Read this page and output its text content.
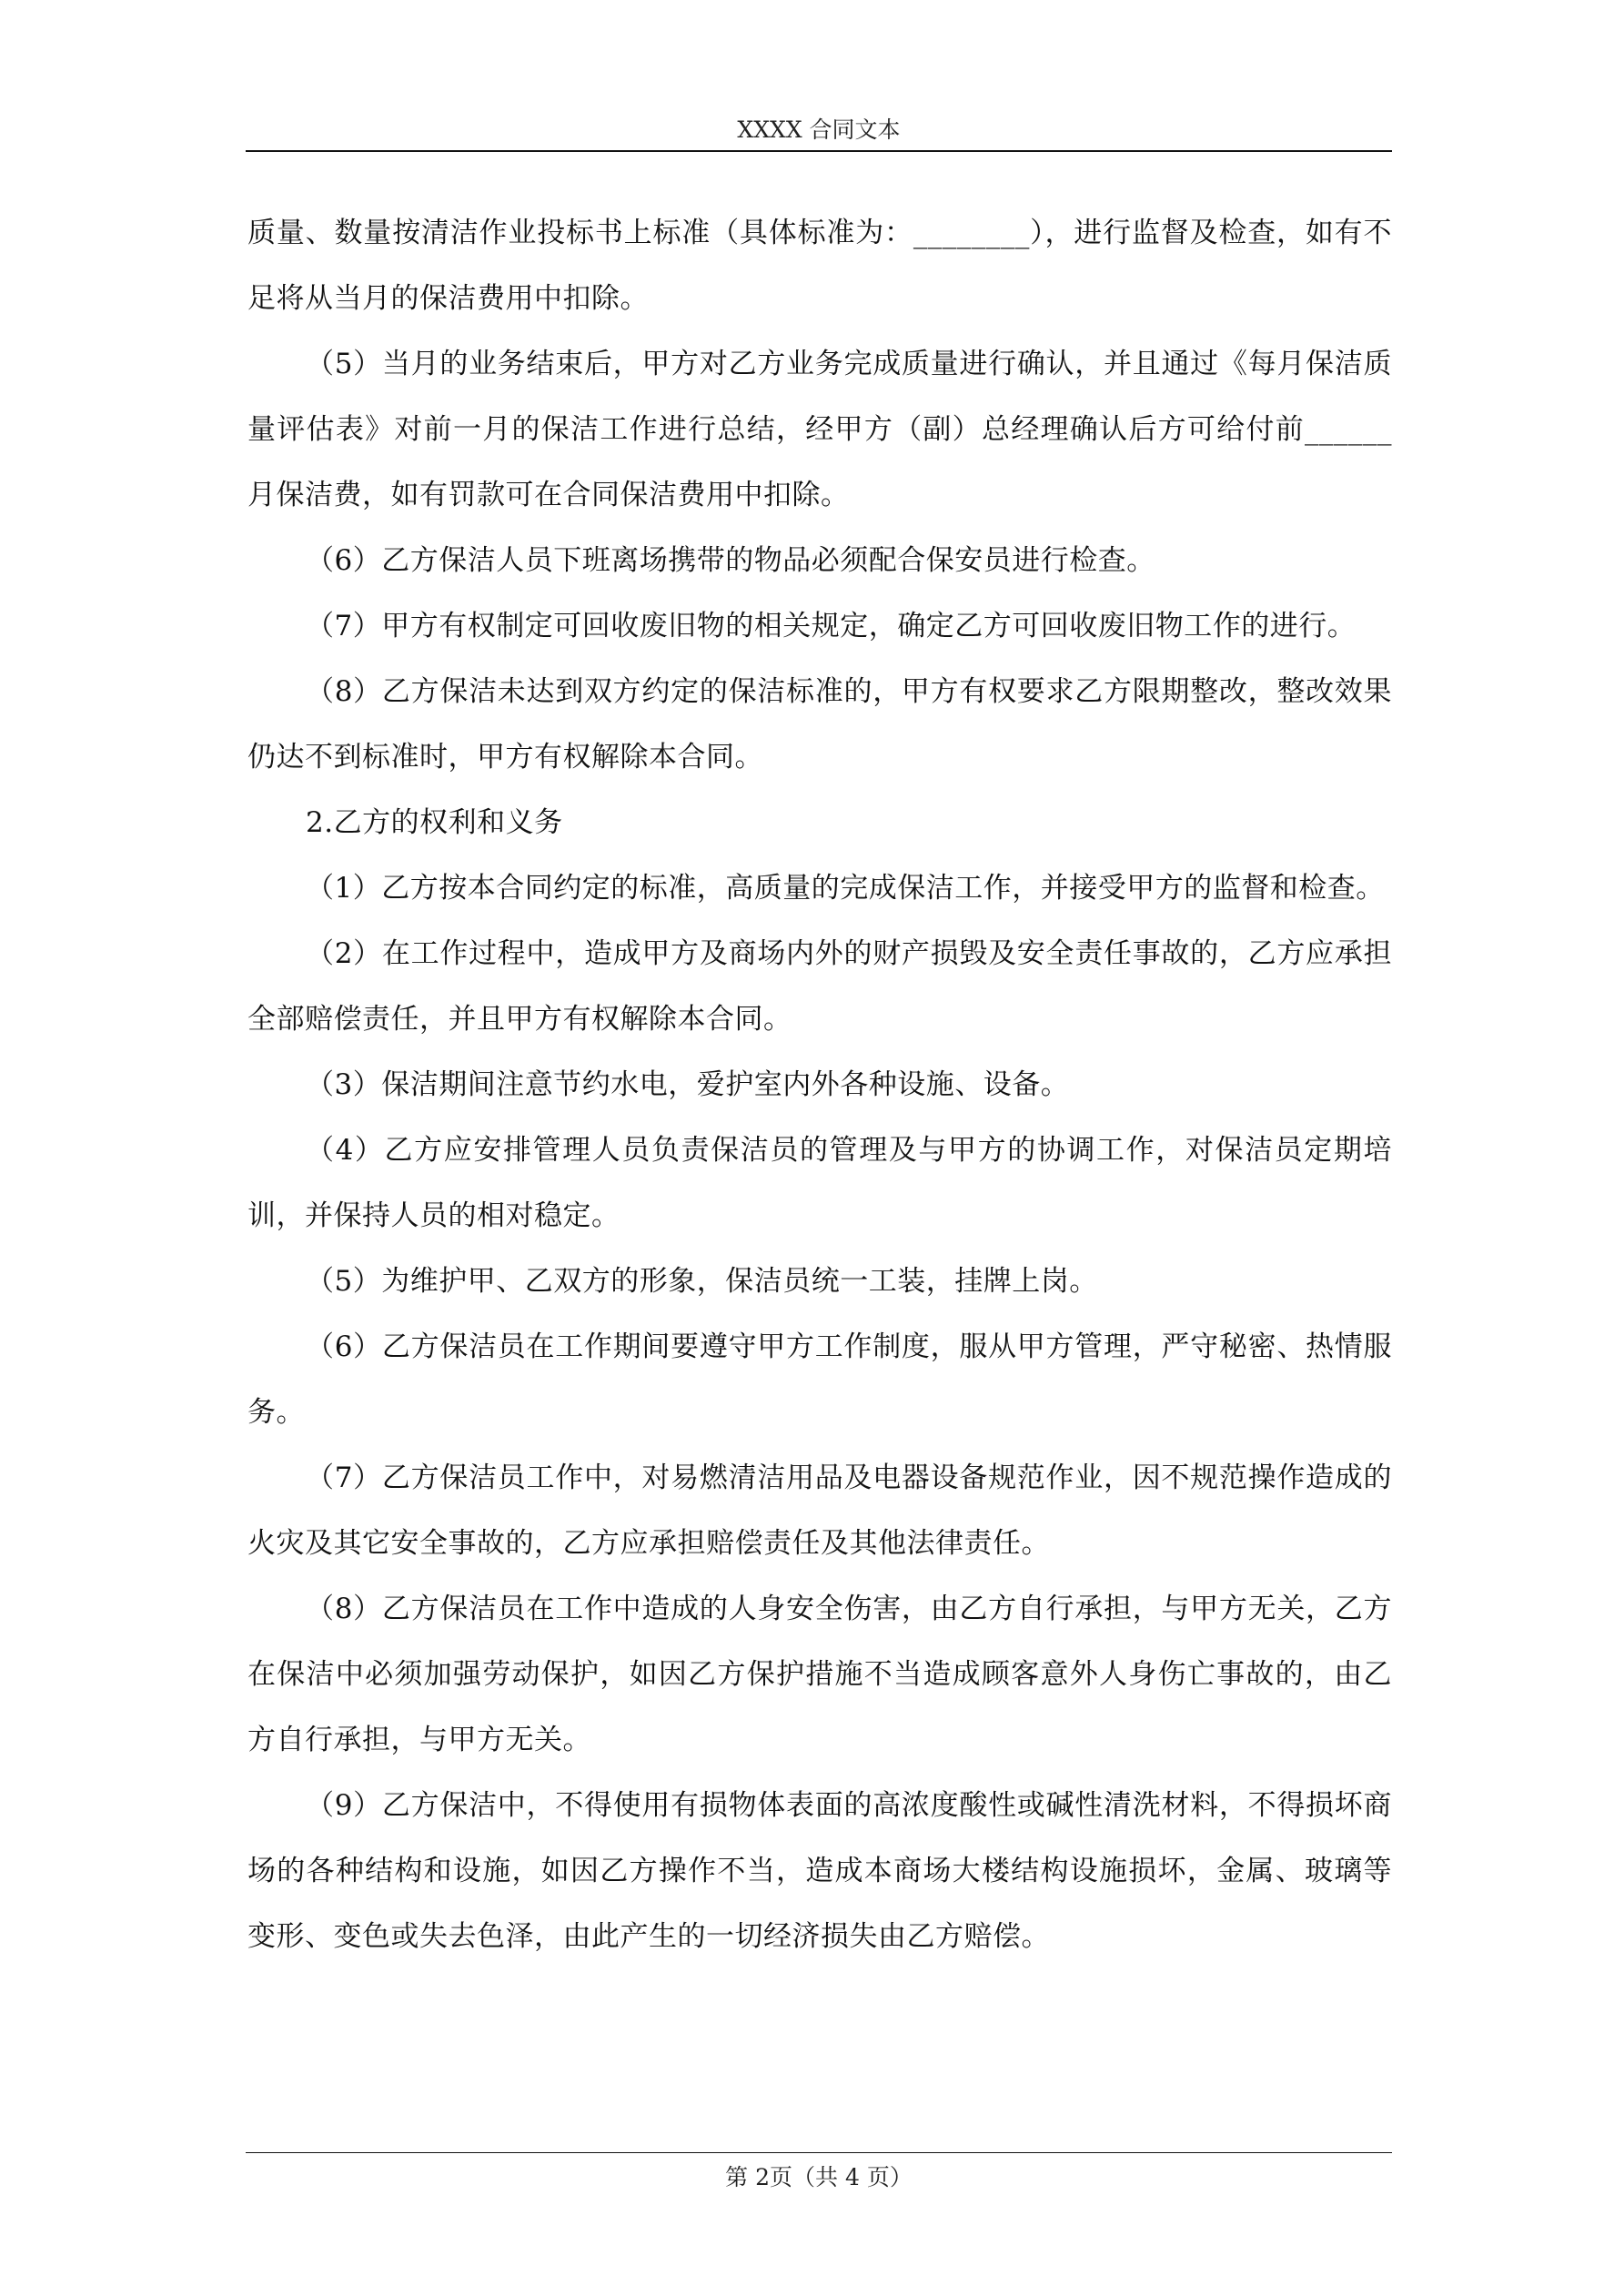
XXXX 合同文本

质量、数量按清洁作业投标书上标准（具体标准为：________），进行监督及检查，如有不足将从当月的保洁费用中扣除。

（5）当月的业务结束后，甲方对乙方业务完成质量进行确认，并且通过《每月保洁质量评估表》对前一月的保洁工作进行总结，经甲方（副）总经理确认后方可给付前______月保洁费，如有罚款可在合同保洁费用中扣除。

（6）乙方保洁人员下班离场携带的物品必须配合保安员进行检查。

（7）甲方有权制定可回收废旧物的相关规定，确定乙方可回收废旧物工作的进行。

（8）乙方保洁未达到双方约定的保洁标准的，甲方有权要求乙方限期整改，整改效果仍达不到标准时，甲方有权解除本合同。

2.乙方的权利和义务

（1）乙方按本合同约定的标准，高质量的完成保洁工作，并接受甲方的监督和检查。

（2）在工作过程中，造成甲方及商场内外的财产损毁及安全责任事故的，乙方应承担全部赔偿责任，并且甲方有权解除本合同。

（3）保洁期间注意节约水电，爱护室内外各种设施、设备。

（4）乙方应安排管理人员负责保洁员的管理及与甲方的协调工作，对保洁员定期培训，并保持人员的相对稳定。

（5）为维护甲、乙双方的形象，保洁员统一工装，挂牌上岗。

（6）乙方保洁员在工作期间要遵守甲方工作制度，服从甲方管理，严守秘密、热情服务。

（7）乙方保洁员工作中，对易燃清洁用品及电器设备规范作业，因不规范操作造成的火灾及其它安全事故的，乙方应承担赔偿责任及其他法律责任。

（8）乙方保洁员在工作中造成的人身安全伤害，由乙方自行承担，与甲方无关，乙方在保洁中必须加强劳动保护，如因乙方保护措施不当造成顾客意外人身伤亡事故的，由乙方自行承担，与甲方无关。

（9）乙方保洁中，不得使用有损物体表面的高浓度酸性或碱性清洗材料，不得损坏商场的各种结构和设施，如因乙方操作不当，造成本商场大楼结构设施损坏，金属、玻璃等变形、变色或失去色泽，由此产生的一切经济损失由乙方赔偿。

第 2页（共 4 页）
